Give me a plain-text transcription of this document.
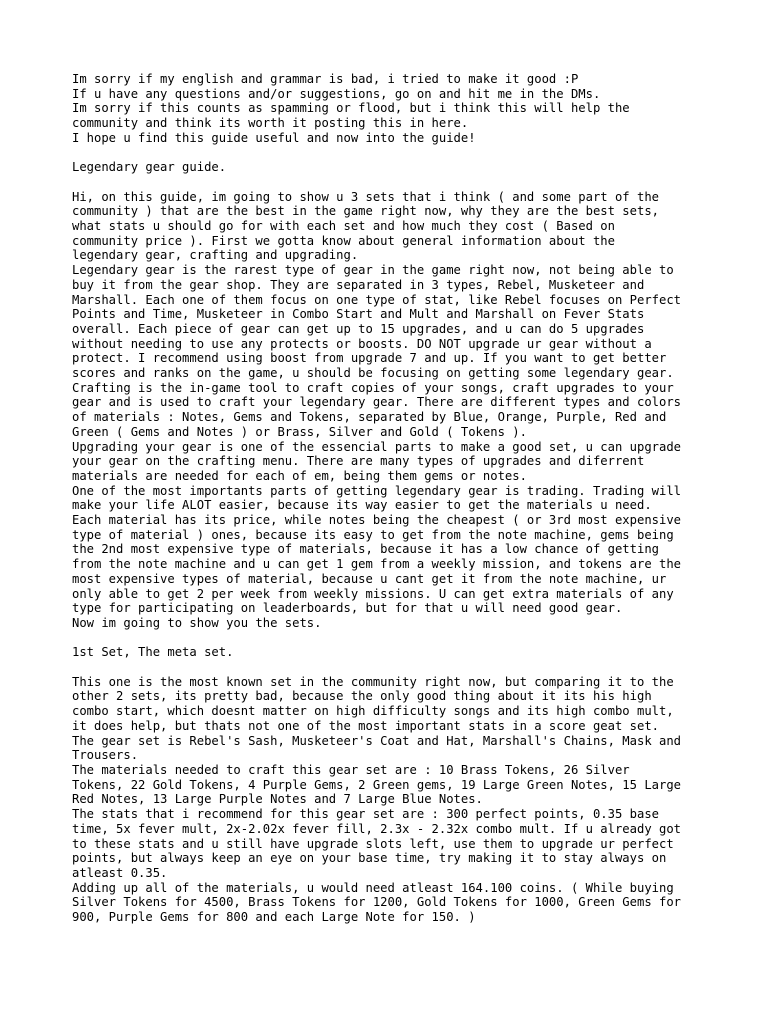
Im sorry if my english and grammar is bad, i tried to make it good :P
If u have any questions and/or suggestions, go on and hit me in the DMs.
Im sorry if this counts as spamming or flood, but i think this will help the
community and think its worth it posting this in here.
I hope u find this guide useful and now into the guide!

Legendary gear guide.

Hi, on this guide, im going to show u 3 sets that i think ( and some part of the
community ) that are the best in the game right now, why they are the best sets,
what stats u should go for with each set and how much they cost ( Based on
community price ). First we gotta know about general information about the
legendary gear, crafting and upgrading.
Legendary gear is the rarest type of gear in the game right now, not being able to
buy it from the gear shop. They are separated in 3 types, Rebel, Musketeer and
Marshall. Each one of them focus on one type of stat, like Rebel focuses on Perfect
Points and Time, Musketeer in Combo Start and Mult and Marshall on Fever Stats
overall. Each piece of gear can get up to 15 upgrades, and u can do 5 upgrades
without needing to use any protects or boosts. DO NOT upgrade ur gear without a
protect. I recommend using boost from upgrade 7 and up. If you want to get better
scores and ranks on the game, u should be focusing on getting some legendary gear.
Crafting is the in-game tool to craft copies of your songs, craft upgrades to your
gear and is used to craft your legendary gear. There are different types and colors
of materials : Notes, Gems and Tokens, separated by Blue, Orange, Purple, Red and
Green ( Gems and Notes ) or Brass, Silver and Gold ( Tokens ).
Upgrading your gear is one of the essencial parts to make a good set, u can upgrade
your gear on the crafting menu. There are many types of upgrades and diferrent
materials are needed for each of em, being them gems or notes.
One of the most importants parts of getting legendary gear is trading. Trading will
make your life ALOT easier, because its way easier to get the materials u need.
Each material has its price, while notes being the cheapest ( or 3rd most expensive
type of material ) ones, because its easy to get from the note machine, gems being
the 2nd most expensive type of materials, because it has a low chance of getting
from the note machine and u can get 1 gem from a weekly mission, and tokens are the
most expensive types of material, because u cant get it from the note machine, ur
only able to get 2 per week from weekly missions. U can get extra materials of any
type for participating on leaderboards, but for that u will need good gear.
Now im going to show you the sets.

1st Set, The meta set.

This one is the most known set in the community right now, but comparing it to the
other 2 sets, its pretty bad, because the only good thing about it its his high
combo start, which doesnt matter on high difficulty songs and its high combo mult,
it does help, but thats not one of the most important stats in a score geat set.
The gear set is Rebel's Sash, Musketeer's Coat and Hat, Marshall's Chains, Mask and
Trousers.
The materials needed to craft this gear set are : 10 Brass Tokens, 26 Silver
Tokens, 22 Gold Tokens, 4 Purple Gems, 2 Green gems, 19 Large Green Notes, 15 Large
Red Notes, 13 Large Purple Notes and 7 Large Blue Notes.
The stats that i recommend for this gear set are : 300 perfect points, 0.35 base
time, 5x fever mult, 2x-2.02x fever fill, 2.3x - 2.32x combo mult. If u already got
to these stats and u still have upgrade slots left, use them to upgrade ur perfect
points, but always keep an eye on your base time, try making it to stay always on
atleast 0.35.
Adding up all of the materials, u would need atleast 164.100 coins. ( While buying
Silver Tokens for 4500, Brass Tokens for 1200, Gold Tokens for 1000, Green Gems for
900, Purple Gems for 800 and each Large Note for 150. )
